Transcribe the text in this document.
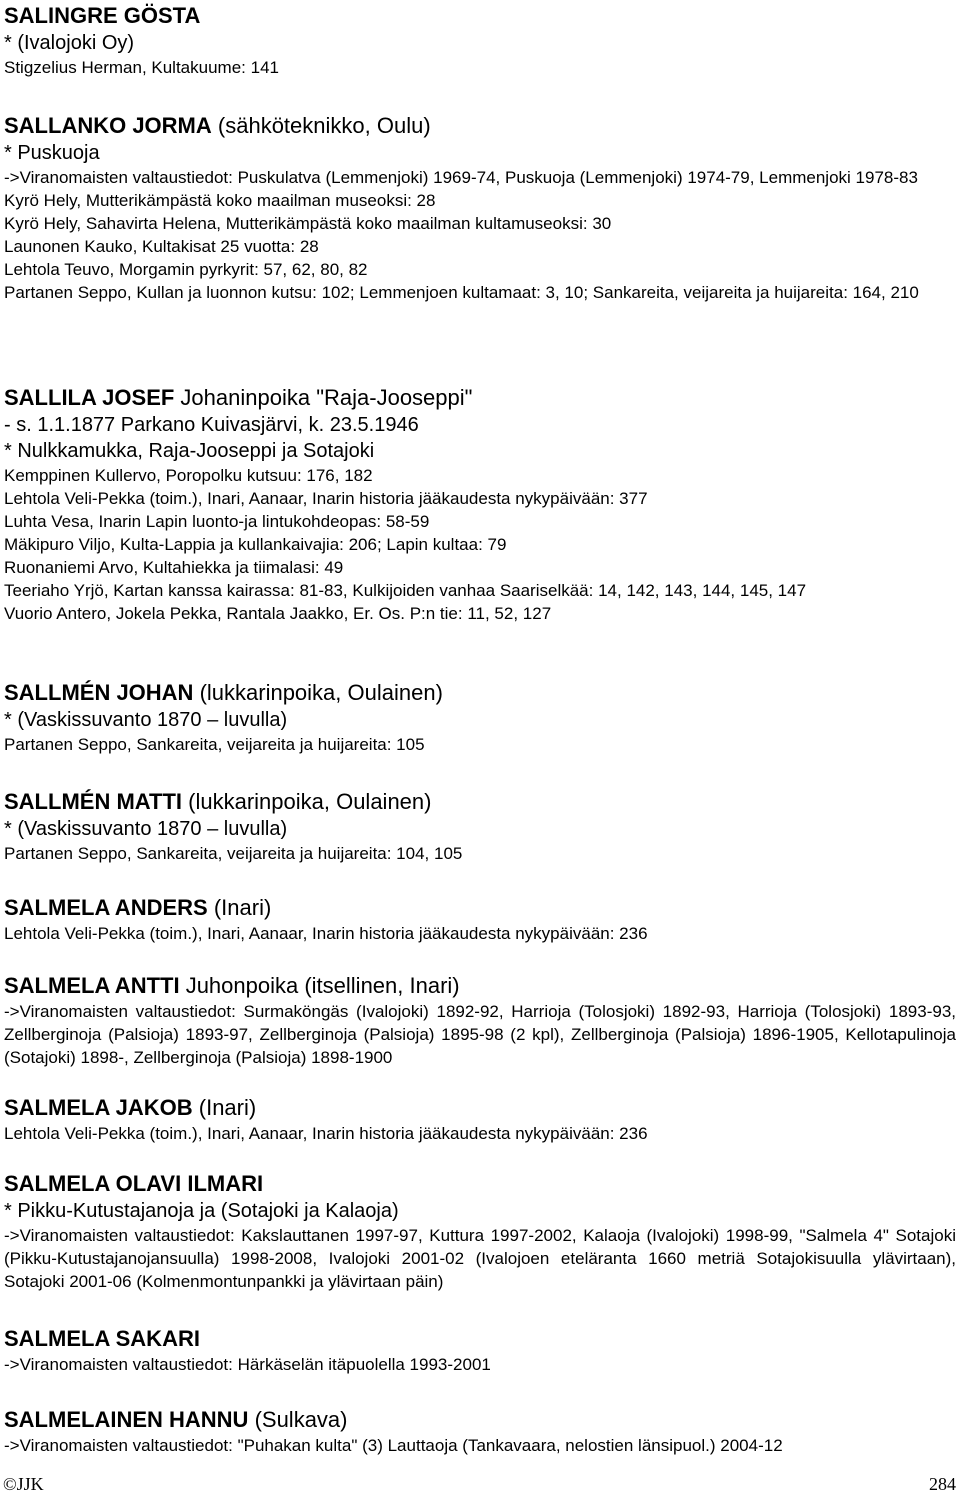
SALINGRE GÖSTA
* (Ivalojoki Oy)
Stigzelius Herman, Kultakuume: 141
SALLANKO JORMA (sähköteknikko, Oulu)
* Puskuoja
->Viranomaisten valtaustiedot: Puskulatva (Lemmenjoki) 1969-74, Puskuoja (Lemmenjoki) 1974-79, Lemmenjoki 1978-83
Kyrö Hely, Mutterikämpästä koko maailman museoksi: 28
Kyrö Hely, Sahavirta Helena, Mutterikämpästä koko maailman kultamuseoksi: 30
Launonen Kauko, Kultakisat 25 vuotta: 28
Lehtola Teuvo, Morgamin pyrkyrit: 57, 62, 80, 82
Partanen Seppo, Kullan ja luonnon kutsu: 102; Lemmenjoen kultamaat: 3, 10; Sankareita, veijareita ja huijareita: 164, 210
SALLILA JOSEF Johaninpoika "Raja-Jooseppi"
- s. 1.1.1877 Parkano Kuivasjärvi, k. 23.5.1946
* Nulkkamukka, Raja-Jooseppi ja Sotajoki
Kemppinen Kullervo, Poropolku kutsuu: 176, 182
Lehtola Veli-Pekka (toim.), Inari, Aanaar, Inarin historia jääkaudesta nykypäivään: 377
Luhta Vesa, Inarin Lapin luonto-ja lintukohdeopas: 58-59
Mäkipuro Viljo, Kulta-Lappia ja kullankaivajia: 206; Lapin kultaa: 79
Ruonaniemi Arvo, Kultahiekka ja tiimalasi: 49
Teeriaho Yrjö, Kartan kanssa kairassa: 81-83, Kulkijoiden vanhaa Saariselkää: 14, 142, 143, 144, 145, 147
Vuorio Antero, Jokela Pekka, Rantala Jaakko, Er. Os. P:n tie: 11, 52, 127
SALLMÉN JOHAN (lukkarinpoika, Oulainen)
* (Vaskissuvanto 1870 – luvulla)
Partanen Seppo, Sankareita, veijareita ja huijareita: 105
SALLMÉN MATTI (lukkarinpoika, Oulainen)
* (Vaskissuvanto 1870 – luvulla)
Partanen Seppo, Sankareita, veijareita ja huijareita: 104, 105
SALMELA ANDERS (Inari)
Lehtola Veli-Pekka (toim.), Inari, Aanaar, Inarin historia jääkaudesta nykypäivään: 236
SALMELA ANTTI Juhonpoika (itsellinen, Inari)
->Viranomaisten valtaustiedot: Surmaköngäs (Ivalojoki) 1892-92, Harrioja (Tolosjoki) 1892-93, Harrioja (Tolosjoki) 1893-93, Zellberginoja (Palsioja) 1893-97, Zellberginoja (Palsioja) 1895-98 (2 kpl), Zellberginoja (Palsioja) 1896-1905, Kellotapulinoja (Sotajoki) 1898-, Zellberginoja (Palsioja) 1898-1900
SALMELA JAKOB (Inari)
Lehtola Veli-Pekka (toim.), Inari, Aanaar, Inarin historia jääkaudesta nykypäivään: 236
SALMELA OLAVI ILMARI
* Pikku-Kutustajanoja ja (Sotajoki ja Kalaoja)
->Viranomaisten valtaustiedot: Kakslauttanen 1997-97, Kuttura 1997-2002, Kalaoja (Ivalojoki) 1998-99, "Salmela 4" Sotajoki (Pikku-Kutustajanojansuulla) 1998-2008, Ivalojoki 2001-02 (Ivalojoen eteläranta 1660 metriä Sotajokisuulla ylävirtaan), Sotajoki 2001-06 (Kolmenmontunpankki ja ylävirtaan päin)
SALMELA SAKARI
->Viranomaisten valtaustiedot: Härkäselän itäpuolella 1993-2001
SALMELAINEN HANNU (Sulkava)
->Viranomaisten valtaustiedot: "Puhakan kulta" (3) Lauttaoja (Tankavaara, nelostien länsipuol.) 2004-12
©JJK	284
